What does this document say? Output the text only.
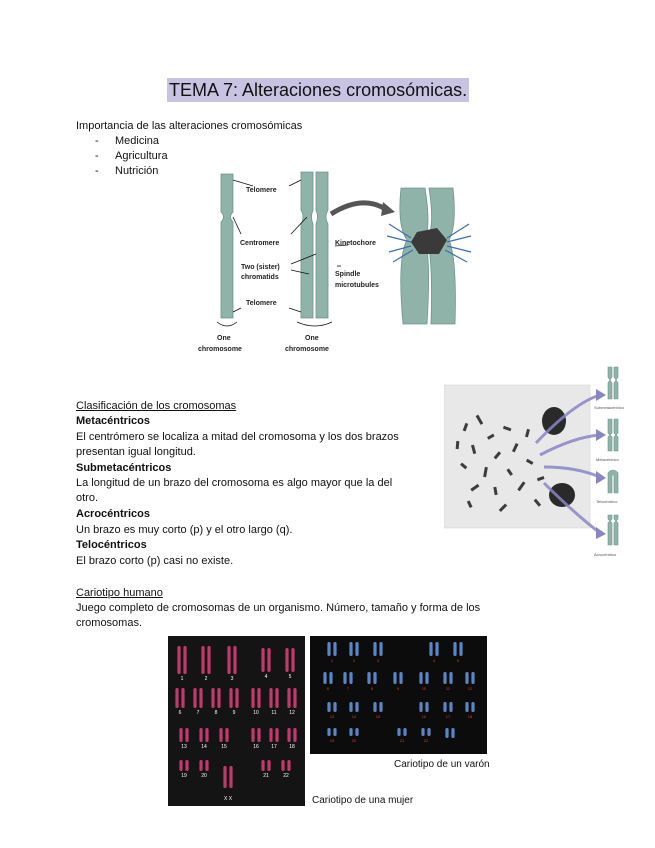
TEMA 7: Alteraciones cromosómicas.
Importancia de las alteraciones cromosómicas
- Medicina
- Agricultura
- Nutrición
Telomere
Centromere
Two (sister)
chromatids
Telomere
Kinetochore
Spindle
microtubules
One
chromosome
One
chromosome
Clasificación de los cromosomas
Metacéntricos
El centrómero se localiza a mitad del cromosoma y los dos brazos
presentan igual longitud.
Submetacéntricos
La longitud de un brazo del cromosoma es algo mayor que la del
otro.
Acrocéntricos
Un brazo es muy corto (p) y el otro largo (q).
Telocéntricos
El brazo corto (p) casi no existe.
Submetacéntrico
Metacéntrico
Telocéntrico
Acrocéntrico
Cariotipo humano
Juego completo de cromosomas de un organismo. Número, tamaño y forma de los
cromosomas.
1	2	3	4	5
6	7	8	9	10	11	12
13	14	15	16 17 18
19	20	21	22
X X
1	2	3	4	5
6	7	8	9	10	11	12
13	14	15	16	17	18
19	20	21	22
Cariotipo de un varón
Cariotipo de una mujer
